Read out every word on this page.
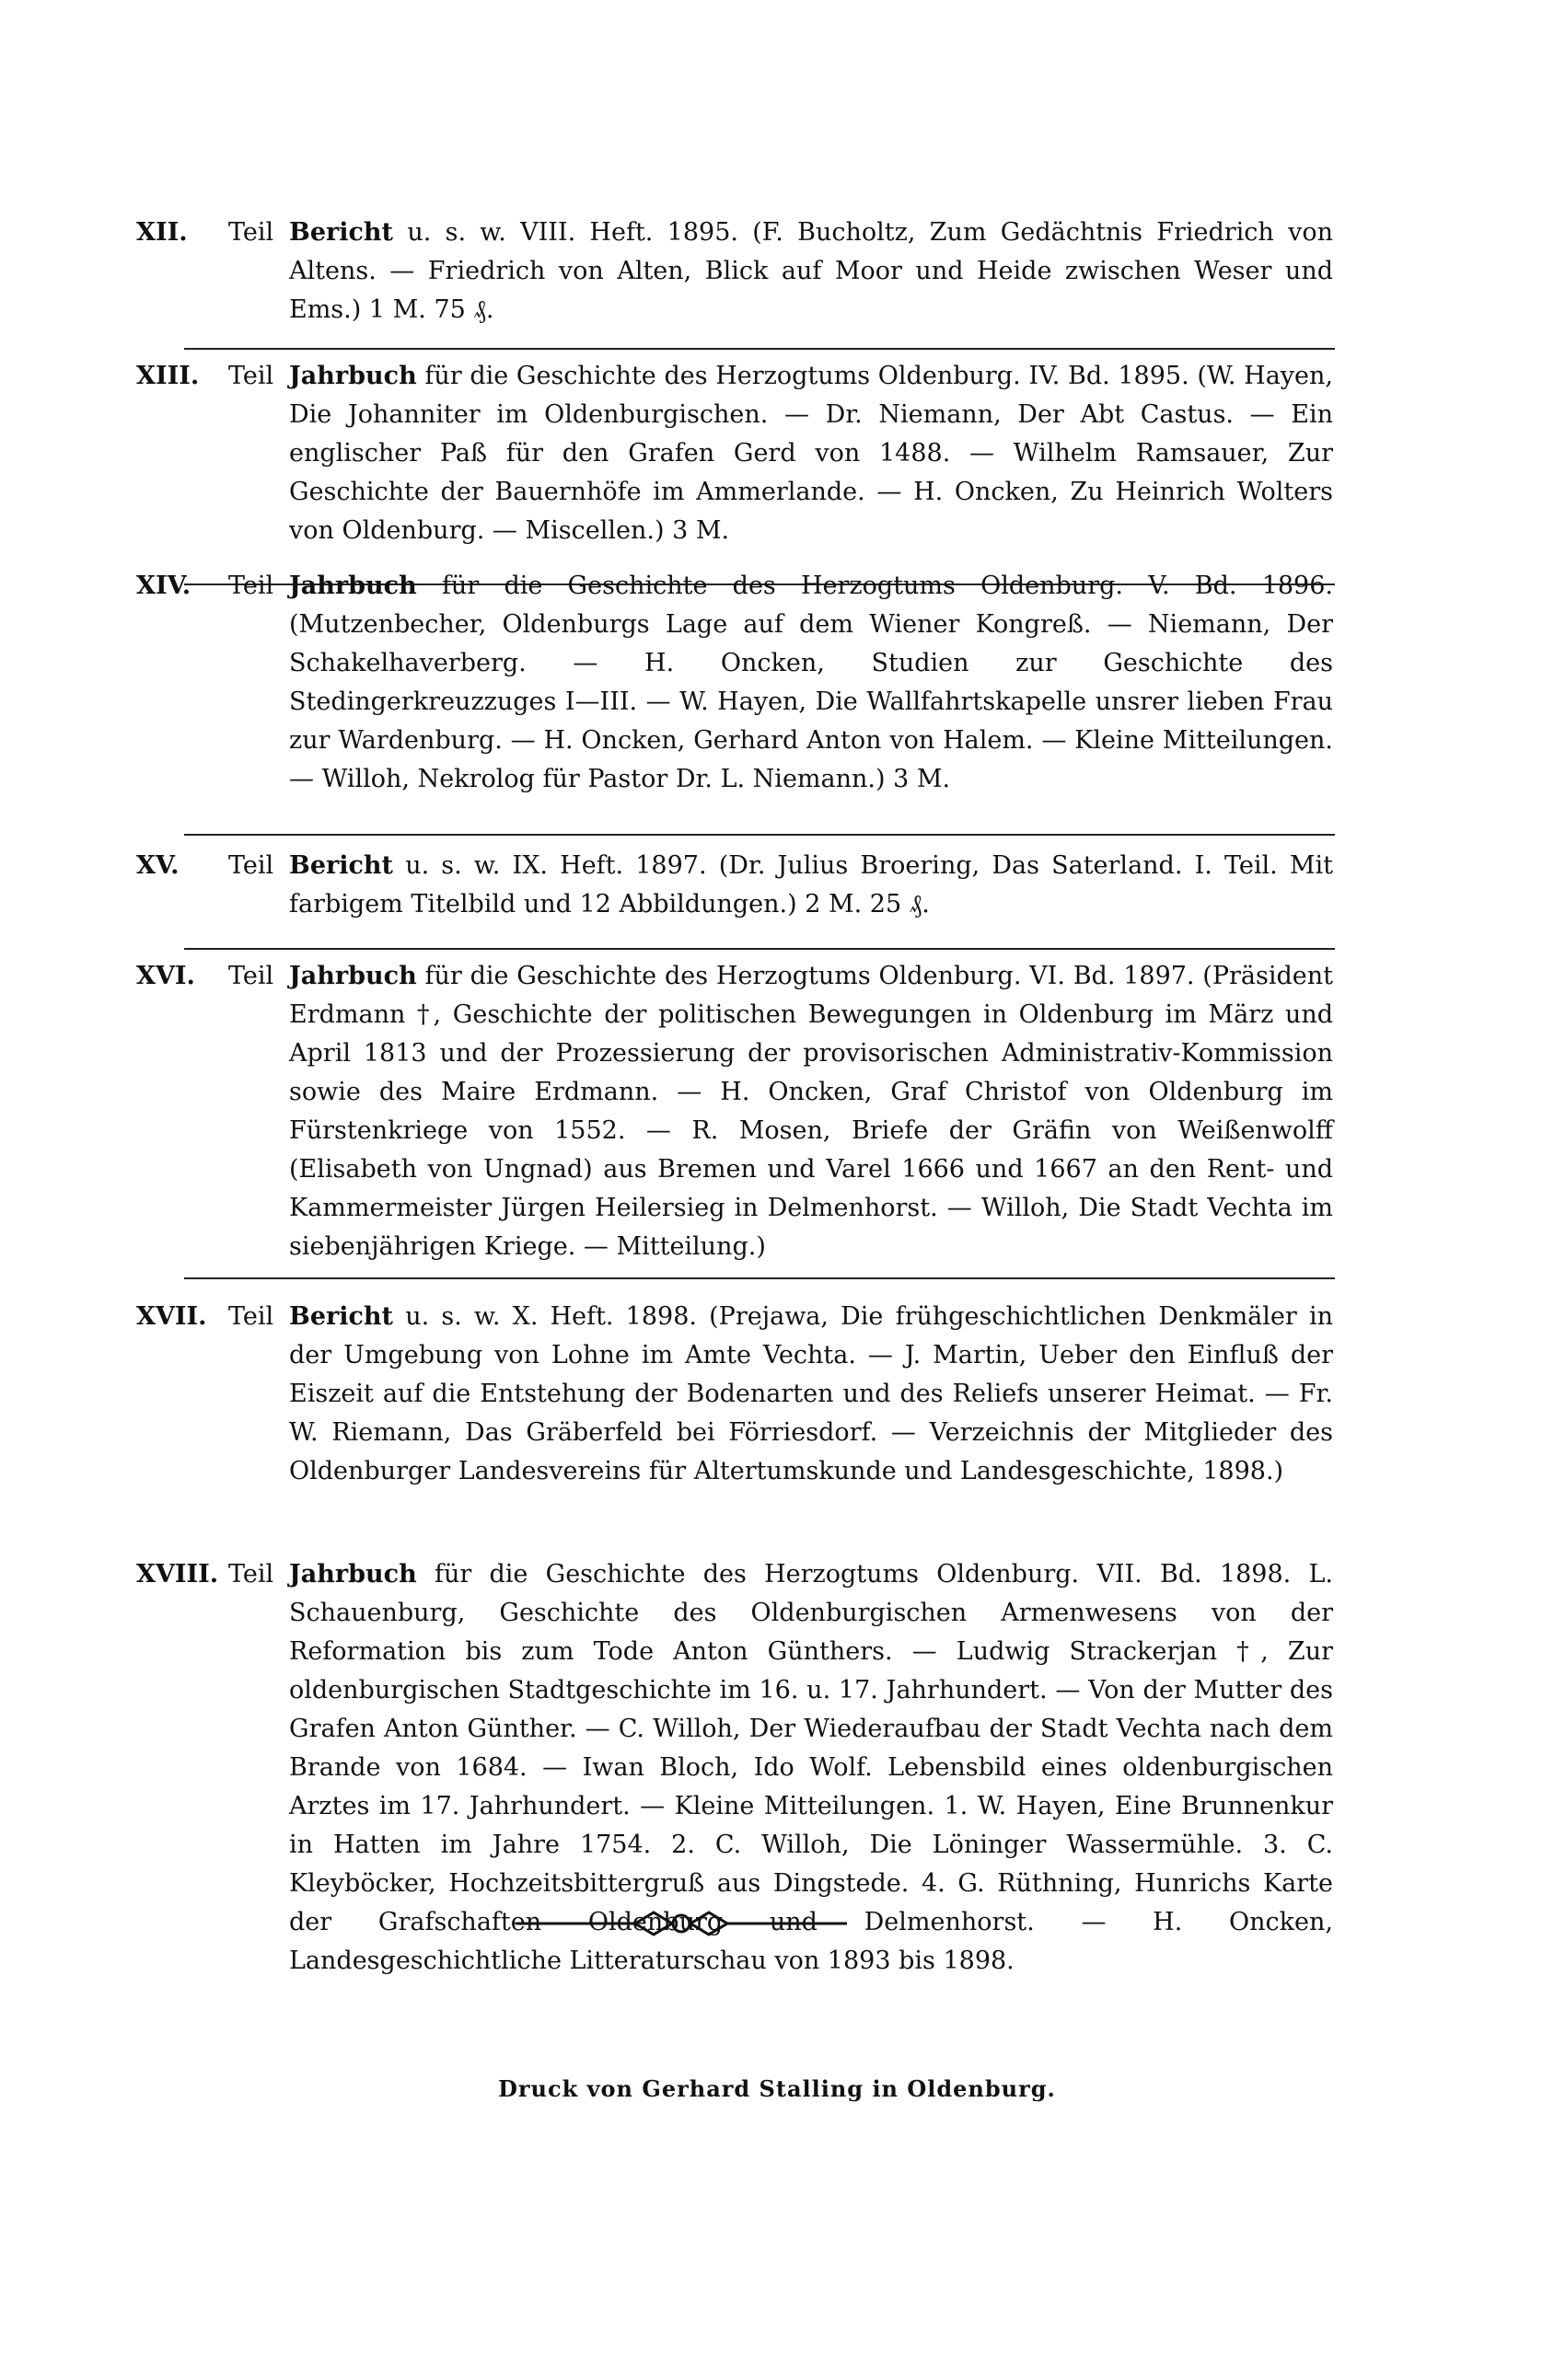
XII.	Teil Bericht u. s. w. VIII. Heft. 1895. (F. Bucholtz, Zum Gedächtnis Friedrich von Altens. — Friedrich von Alten, Blick auf Moor und Heide zwischen Weser und Ems.) 1 M. 75 ₰.
XIII.	Teil Jahrbuch für die Geschichte des Herzogtums Oldenburg. IV. Bd. 1895. (W. Hayen, Die Johanniter im Oldenburgischen. — Dr. Niemann, Der Abt Castus. — Ein englischer Paß für den Grafen Gerd von 1488. — Wilhelm Ramsauer, Zur Geschichte der Bauernhöfe im Ammerlande. — H. Oncken, Zu Heinrich Wolters von Oldenburg. — Miscellen.) 3 M.
XIV.	Teil Jahrbuch für die Geschichte des Herzogtums Oldenburg. V. Bd. 1896. (Mutzenbecher, Oldenburgs Lage auf dem Wiener Kongreß. — Niemann, Der Schakelhaverberg. — H. Oncken, Studien zur Geschichte des Stedingerkreuzzuges I—III. — W. Hayen, Die Wallfahrtskapelle unsrer lieben Frau zur Wardenburg. — H. Oncken, Gerhard Anton von Halem. — Kleine Mitteilungen. — Willoh, Nekrolog für Pastor Dr. L. Niemann.) 3 M.
XV.	Teil Bericht u. s. w. IX. Heft. 1897. (Dr. Julius Broering, Das Saterland. I. Teil. Mit farbigem Titelbild und 12 Abbildungen.) 2 M. 25 ₰.
XVI.	Teil Jahrbuch für die Geschichte des Herzogtums Oldenburg. VI. Bd. 1897. (Präsident Erdmann †, Geschichte der politischen Bewegungen in Oldenburg im März und April 1813 und der Prozessierung der provisorischen Administrativ-Kommission sowie des Maire Erdmann. — H. Oncken, Graf Christof von Oldenburg im Fürstenkriege von 1552. — R. Mosen, Briefe der Gräfin von Weißenwolff (Elisabeth von Ungnad) aus Bremen und Varel 1666 und 1667 an den Rent- und Kammermeister Jürgen Heilersieg in Delmenhorst. — Willoh, Die Stadt Vechta im siebenjährigen Kriege. — Mitteilung.)
XVII. Teil Bericht u. s. w. X. Heft. 1898. (Prejawa, Die frühgeschichtlichen Denkmäler in der Umgebung von Lohne im Amte Vechta. — J. Martin, Ueber den Einfluß der Eiszeit auf die Entstehung der Bodenarten und des Reliefs unserer Heimat. — Fr. W. Riemann, Das Gräberfeld bei Förriesdorf. — Verzeichnis der Mitglieder des Oldenburger Landesvereins für Altertumskunde und Landesgeschichte, 1898.)
XVIII. Teil Jahrbuch für die Geschichte des Herzogtums Oldenburg. VII. Bd. 1898. L. Schauenburg, Geschichte des Oldenburgischen Armenwesens von der Reformation bis zum Tode Anton Günthers. — Ludwig Strackerjan †, Zur oldenburgischen Stadtgeschichte im 16. u. 17. Jahrhundert. — Von der Mutter des Grafen Anton Günther. — C. Willoh, Der Wiederaufbau der Stadt Vechta nach dem Brande von 1684. — Iwan Bloch, Ido Wolf. Lebensbild eines oldenburgischen Arztes im 17. Jahrhundert. — Kleine Mitteilungen. 1. W. Hayen, Eine Brunnenkur in Hatten im Jahre 1754. 2. C. Willoh, Die Löninger Wassermühle. 3. C. Kleyböcker, Hochzeitsbittergruß aus Dingstede. 4. G. Rüthning, Hunrichs Karte der Grafschaften Oldenburg und Delmenhorst. — H. Oncken, Landesgeschichtliche Litteraturschau von 1893 bis 1898.
Druck von Gerhard Stalling in Oldenburg.
